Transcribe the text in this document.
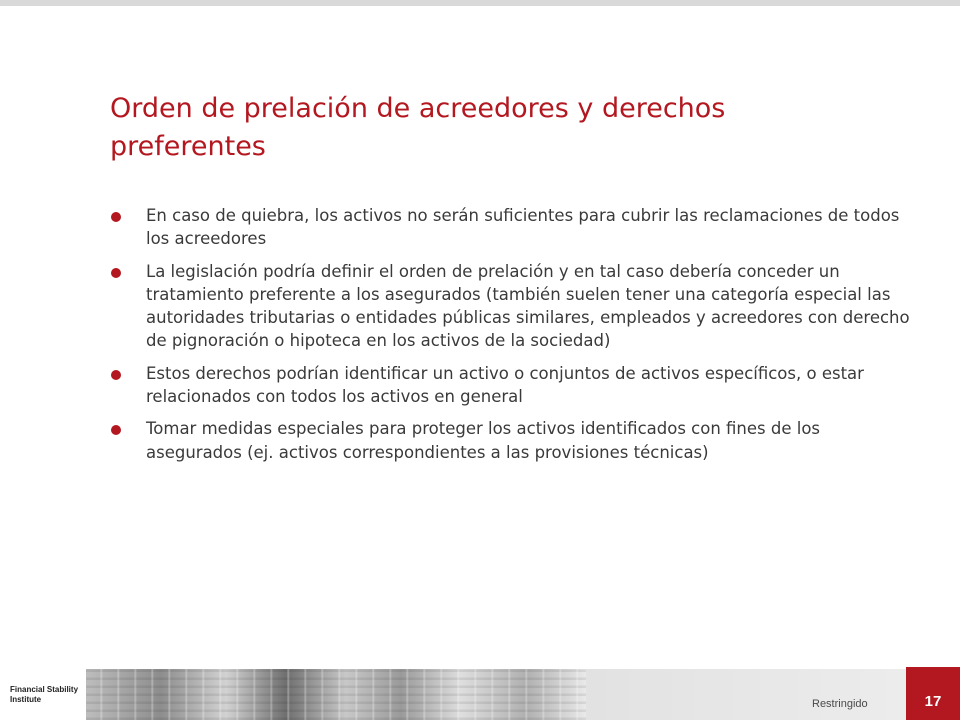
Orden de prelación de acreedores y derechos preferentes
En caso de quiebra, los activos no serán suficientes para cubrir las reclamaciones de todos los acreedores
La legislación podría definir el orden de prelación y en tal caso debería conceder un tratamiento preferente a los asegurados (también suelen tener una categoría especial las autoridades tributarias o entidades públicas similares, empleados y acreedores con derecho de pignoración o hipoteca en los activos de la sociedad)
Estos derechos podrían identificar un activo o conjuntos de activos específicos, o estar relacionados con todos los activos en general
Tomar medidas especiales para proteger los activos identificados con fines de los asegurados (ej. activos correspondientes a las provisiones técnicas)
Financial Stability
Institute	Restringido	17
